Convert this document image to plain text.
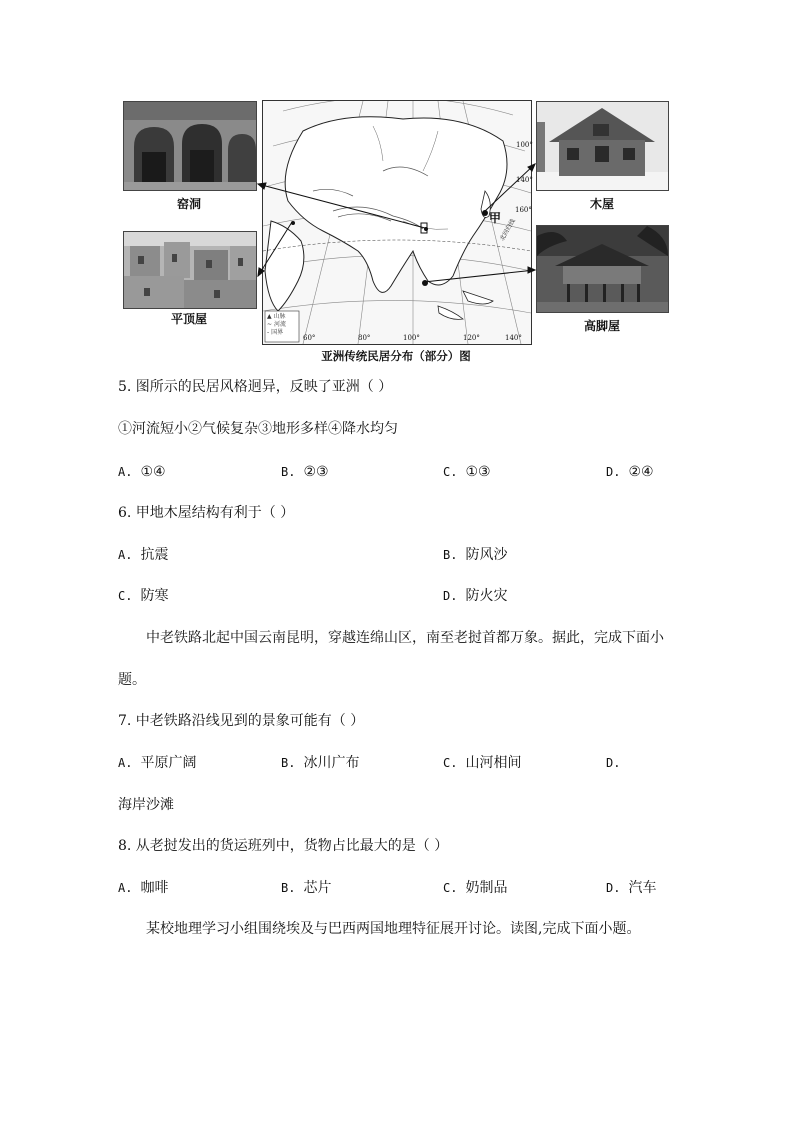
窑洞
平顶屋	▲ 山脉
~ 河流
- 国界
甲
北回归线
60°	80°	100°	120°	140°
100°
140°
160°
亚洲传统民居分布（部分）图
木屋
高脚屋
5. 图所示的民居风格迥异，反映了亚洲（ ）
①河流短小②气候复杂③地形多样④降水均匀
A. ①④	B. ②③	C. ①③	D. ②④
6. 甲地木屋结构有利于（ ）
A. 抗震	B. 防风沙
C. 防寒	D. 防火灾
中老铁路北起中国云南昆明，穿越连绵山区，南至老挝首都万象。据此，完成下面小
题。
7. 中老铁路沿线见到的景象可能有（ ）
A. 平原广阔	B. 冰川广布	C. 山河相间	D.
海岸沙滩
8. 从老挝发出的货运班列中，货物占比最大的是（ ）
A. 咖啡	B. 芯片	C. 奶制品	D. 汽车
某校地理学习小组围绕埃及与巴西两国地理特征展开讨论。读图,完成下面小题。
